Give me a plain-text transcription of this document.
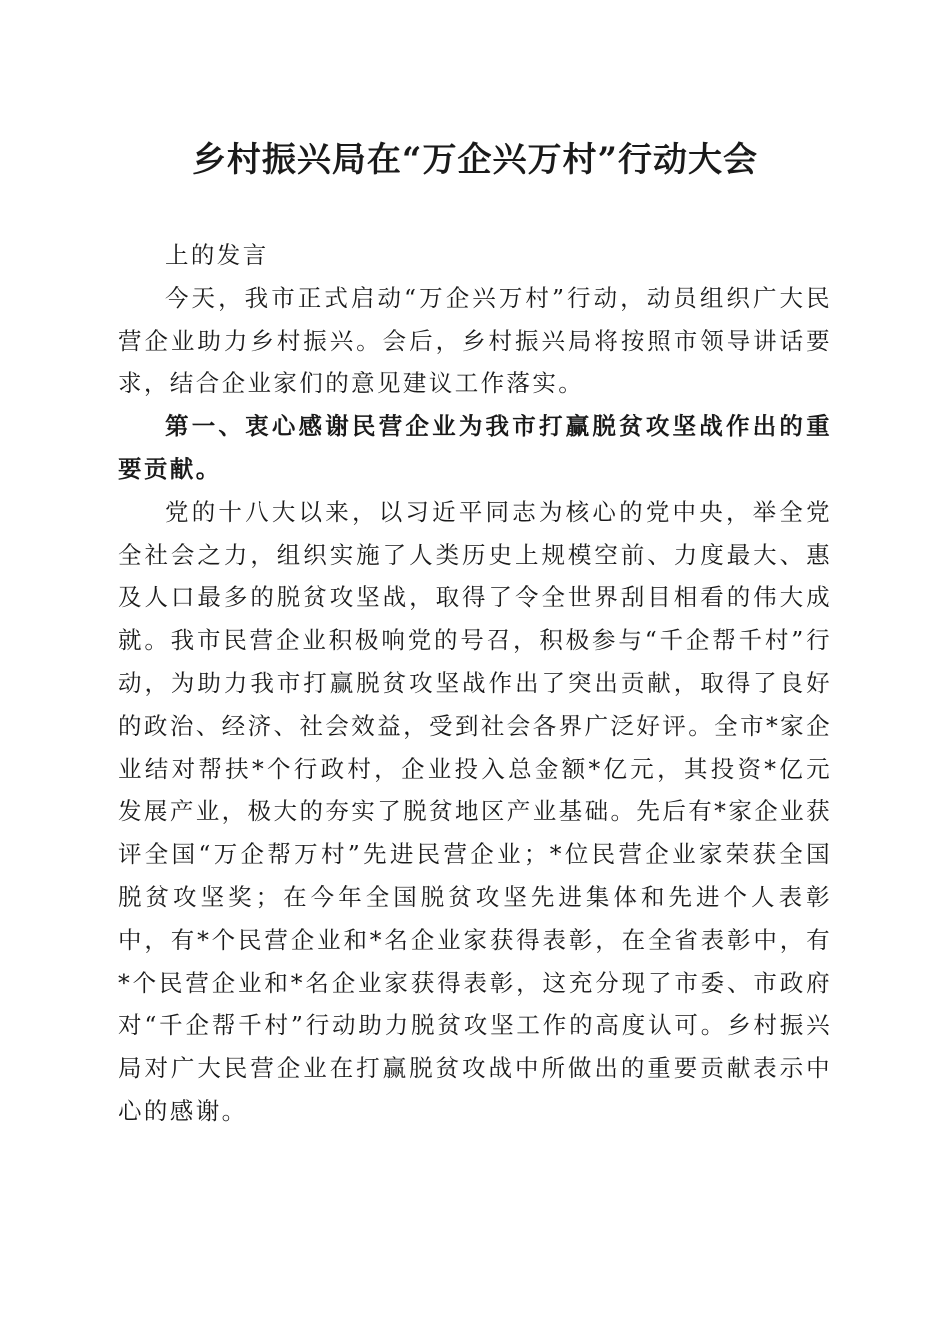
乡村振兴局在“万企兴万村”行动大会

上的发言

今天，我市正式启动“万企兴万村”行动，动员组织广大民营企业助力乡村振兴。会后，乡村振兴局将按照市领导讲话要求，结合企业家们的意见建议工作落实。

第一、衷心感谢民营企业为我市打赢脱贫攻坚战作出的重要贡献。

党的十八大以来，以习近平同志为核心的党中央，举全党全社会之力，组织实施了人类历史上规模空前、力度最大、惠及人口最多的脱贫攻坚战，取得了令全世界刮目相看的伟大成就。我市民营企业积极响党的号召，积极参与“千企帮千村”行动，为助力我市打赢脱贫攻坚战作出了突出贡献，取得了良好的政治、经济、社会效益，受到社会各界广泛好评。全市*家企业结对帮扶*个行政村，企业投入总金额*亿元，其投资*亿元发展产业，极大的夯实了脱贫地区产业基础。先后有*家企业获评全国“万企帮万村”先进民营企业；*位民营企业家荣获全国脱贫攻坚奖；在今年全国脱贫攻坚先进集体和先进个人表彰中，有*个民营企业和*名企业家获得表彰，在全省表彰中，有*个民营企业和*名企业家获得表彰，这充分现了市委、市政府对“千企帮千村”行动助力脱贫攻坚工作的高度认可。乡村振兴局对广大民营企业在打赢脱贫攻战中所做出的重要贡献表示中心的感谢。
